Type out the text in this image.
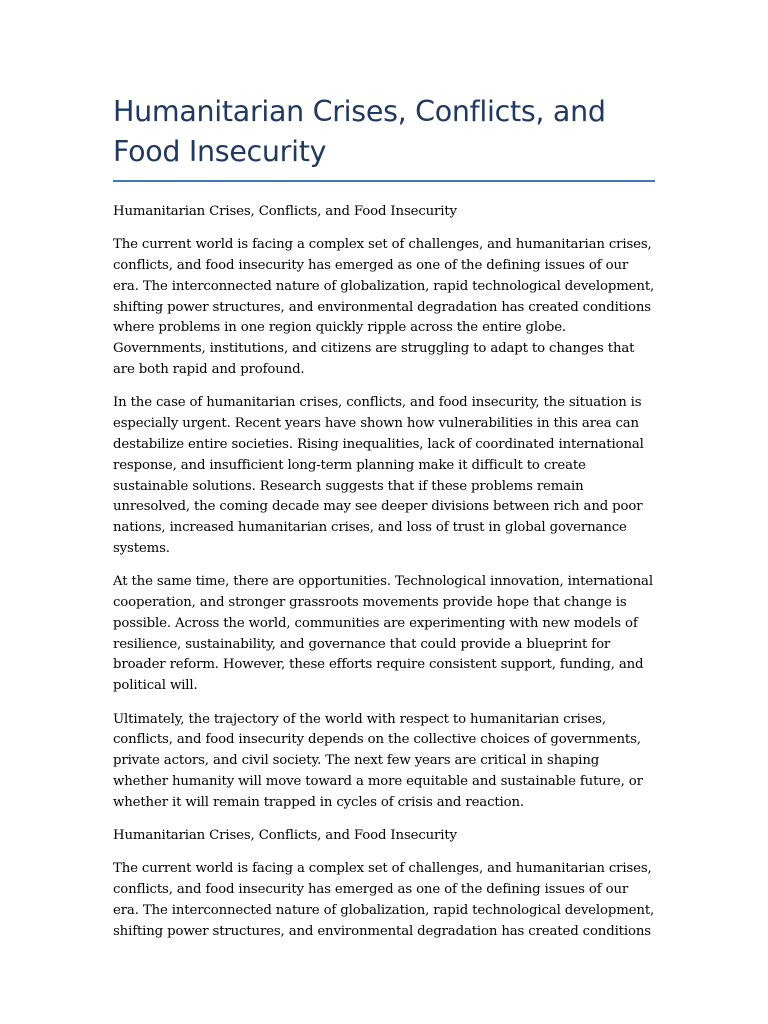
Humanitarian Crises, Conflicts, and Food Insecurity

Humanitarian Crises, Conflicts, and Food Insecurity

The current world is facing a complex set of challenges, and humanitarian crises, conflicts, and food insecurity has emerged as one of the defining issues of our era. The interconnected nature of globalization, rapid technological development, shifting power structures, and environmental degradation has created conditions where problems in one region quickly ripple across the entire globe. Governments, institutions, and citizens are struggling to adapt to changes that are both rapid and profound.

In the case of humanitarian crises, conflicts, and food insecurity, the situation is especially urgent. Recent years have shown how vulnerabilities in this area can destabilize entire societies. Rising inequalities, lack of coordinated international response, and insufficient long-term planning make it difficult to create sustainable solutions. Research suggests that if these problems remain unresolved, the coming decade may see deeper divisions between rich and poor nations, increased humanitarian crises, and loss of trust in global governance systems.

At the same time, there are opportunities. Technological innovation, international cooperation, and stronger grassroots movements provide hope that change is possible. Across the world, communities are experimenting with new models of resilience, sustainability, and governance that could provide a blueprint for broader reform. However, these efforts require consistent support, funding, and political will.

Ultimately, the trajectory of the world with respect to humanitarian crises, conflicts, and food insecurity depends on the collective choices of governments, private actors, and civil society. The next few years are critical in shaping whether humanity will move toward a more equitable and sustainable future, or whether it will remain trapped in cycles of crisis and reaction.

Humanitarian Crises, Conflicts, and Food Insecurity

The current world is facing a complex set of challenges, and humanitarian crises, conflicts, and food insecurity has emerged as one of the defining issues of our era. The interconnected nature of globalization, rapid technological development, shifting power structures, and environmental degradation has created conditions
